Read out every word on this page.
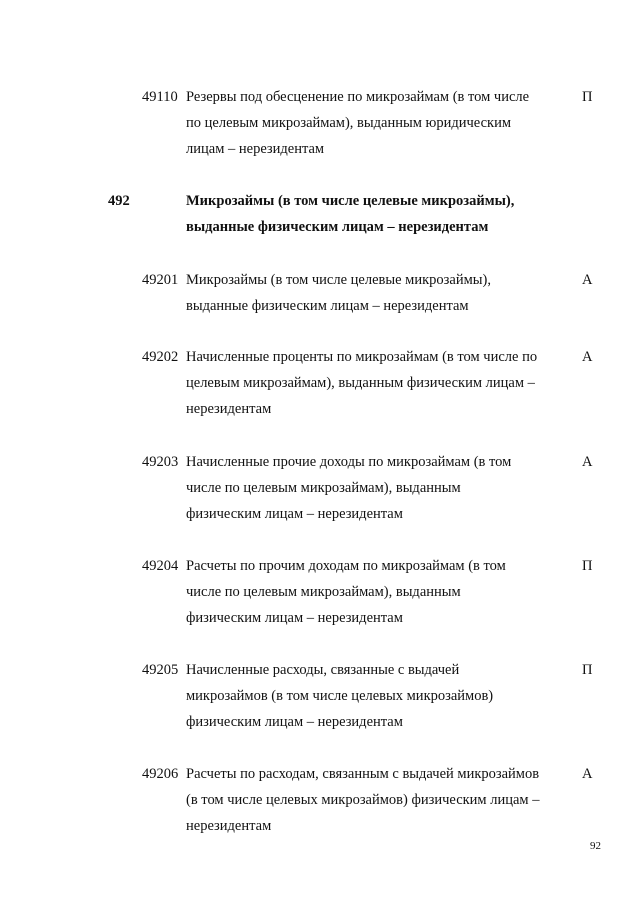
49110 Резервы под обесценение по микрозаймам (в том числе
по целевым микрозаймам), выданным юридическим
лицам – нерезидентам
П
492	Микрозаймы (в том числе целевые микрозаймы),
выданные физическим лицам – нерезидентам
49201 Микрозаймы (в том числе целевые микрозаймы),
выданные физическим лицам – нерезидентам
А
49202 Начисленные проценты по микрозаймам (в том числе по
целевым микрозаймам), выданным физическим лицам –
нерезидентам
А
49203 Начисленные прочие доходы по микрозаймам (в том
числе по целевым микрозаймам), выданным
физическим лицам – нерезидентам
А
49204 Расчеты по прочим доходам по микрозаймам (в том
числе по целевым микрозаймам), выданным
физическим лицам – нерезидентам
П
49205 Начисленные расходы, связанные с выдачей
микрозаймов (в том числе целевых микрозаймов)
физическим лицам – нерезидентам
П
49206 Расчеты по расходам, связанным с выдачей микрозаймов
(в том числе целевых микрозаймов) физическим лицам –
нерезидентам
А
92
